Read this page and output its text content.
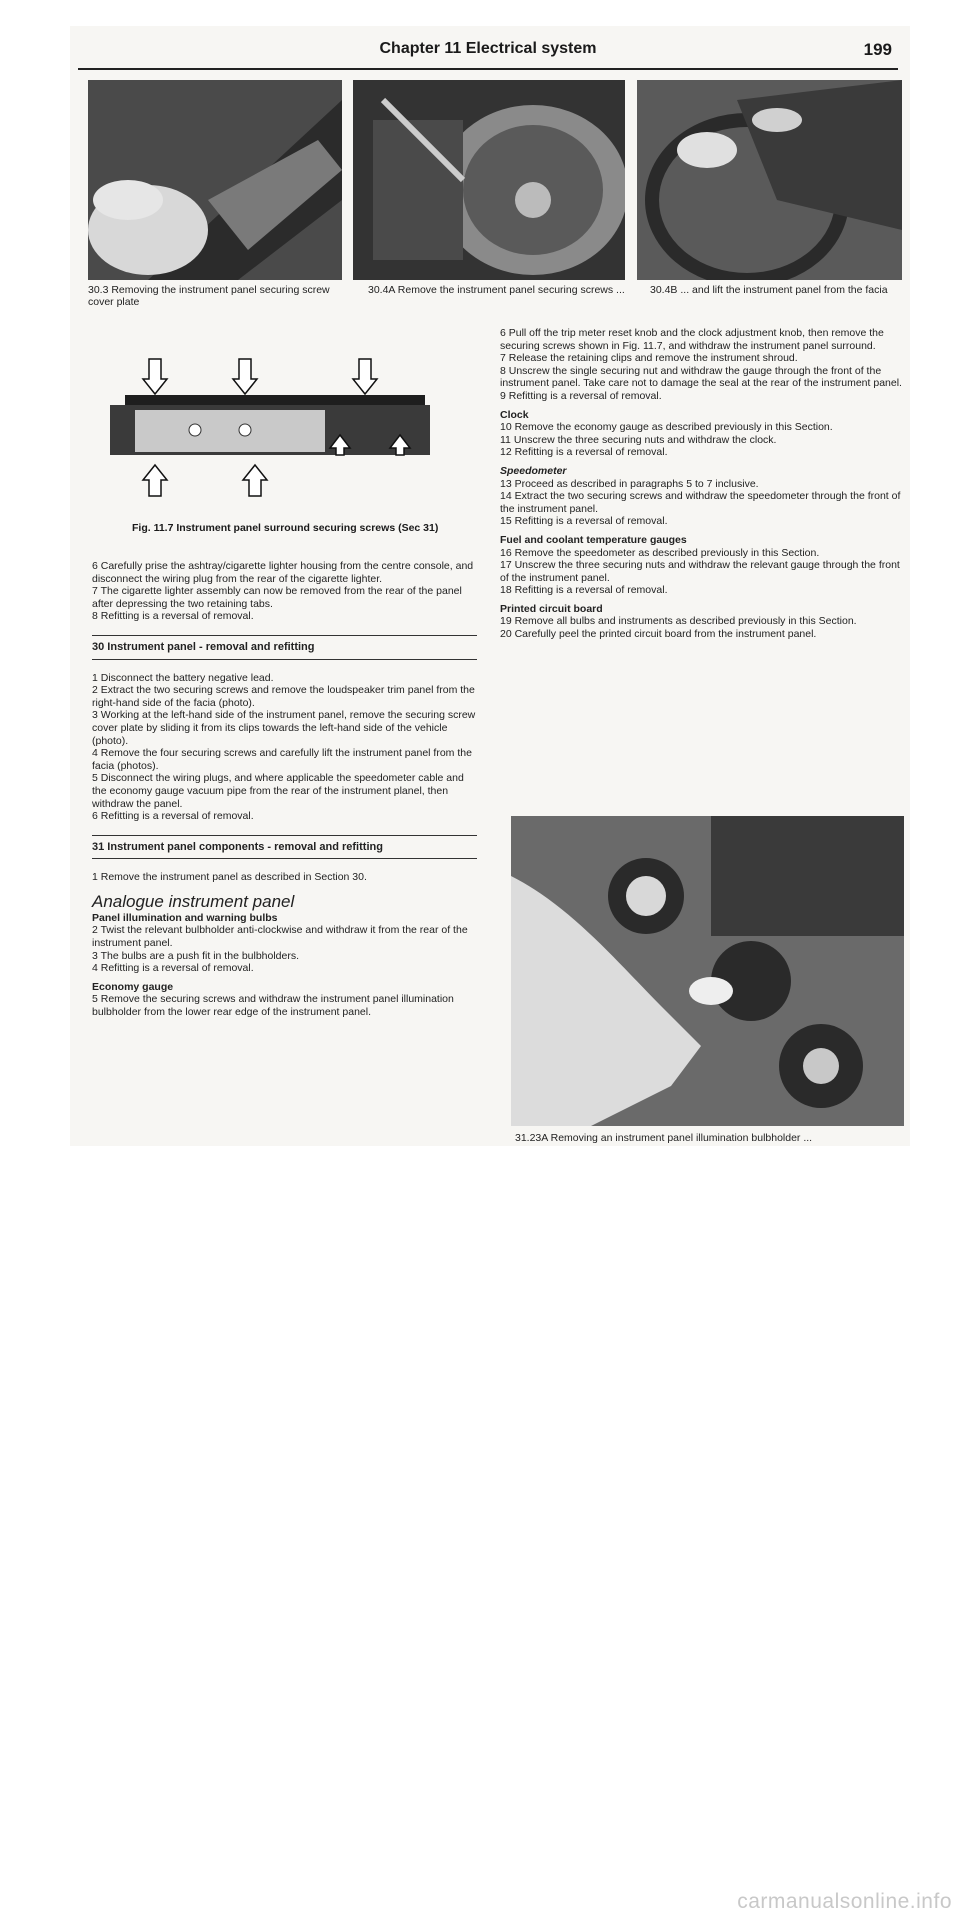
Chapter 11 Electrical system	199
30.3 Removing the instrument panel securing screw cover plate
30.4A Remove the instrument panel securing screws ...	30.4B ... and lift the instrument panel from the facia
Fig. 11.7 Instrument panel surround securing screws (Sec 31)

6 Carefully prise the ashtray/cigarette lighter housing from the centre console, and disconnect the wiring plug from the rear of the cigarette lighter.

7 The cigarette lighter assembly can now be removed from the rear of the panel after depressing the two retaining tabs.

8 Refitting is a reversal of removal.

30 Instrument panel - removal and refitting

1 Disconnect the battery negative lead.

2 Extract the two securing screws and remove the loudspeaker trim panel from the right-hand side of the facia (photo).

3 Working at the left-hand side of the instrument panel, remove the securing screw cover plate by sliding it from its clips towards the left-hand side of the vehicle (photo).

4 Remove the four securing screws and carefully lift the instrument panel from the facia (photos).

5 Disconnect the wiring plugs, and where applicable the speedometer cable and the economy gauge vacuum pipe from the rear of the instrument planel, then withdraw the panel.

6 Refitting is a reversal of removal.

31 Instrument panel components - removal and refitting

1 Remove the instrument panel as described in Section 30.

Analogue instrument panel

Panel illumination and warning bulbs

2 Twist the relevant bulbholder anti-clockwise and withdraw it from the rear of the instrument panel.

3 The bulbs are a push fit in the bulbholders.

4 Refitting is a reversal of removal.

Economy gauge

5 Remove the securing screws and withdraw the instrument panel illumination bulbholder from the lower rear edge of the instrument panel.

6 Pull off the trip meter reset knob and the clock adjustment knob, then remove the securing screws shown in Fig. 11.7, and withdraw the instrument panel surround.

7 Release the retaining clips and remove the instrument shroud.

8 Unscrew the single securing nut and withdraw the gauge through the front of the instrument panel. Take care not to damage the seal at the rear of the instrument panel.

9 Refitting is a reversal of removal.

Clock

10 Remove the economy gauge as described previously in this Section.

11 Unscrew the three securing nuts and withdraw the clock.

12 Refitting is a reversal of removal.

Speedometer

13 Proceed as described in paragraphs 5 to 7 inclusive.

14 Extract the two securing screws and withdraw the speedometer through the front of the instrument panel.

15 Refitting is a reversal of removal.

Fuel and coolant temperature gauges

16 Remove the speedometer as described previously in this Section.

17 Unscrew the three securing nuts and withdraw the relevant gauge through the front of the instrument panel.

18 Refitting is a reversal of removal.

Printed circuit board

19 Remove all bulbs and instruments as described previously in this Section.

20 Carefully peel the printed circuit board from the instrument panel.

31.23A Removing an instrument panel illumination bulbholder ...
carmanualsonline.info
